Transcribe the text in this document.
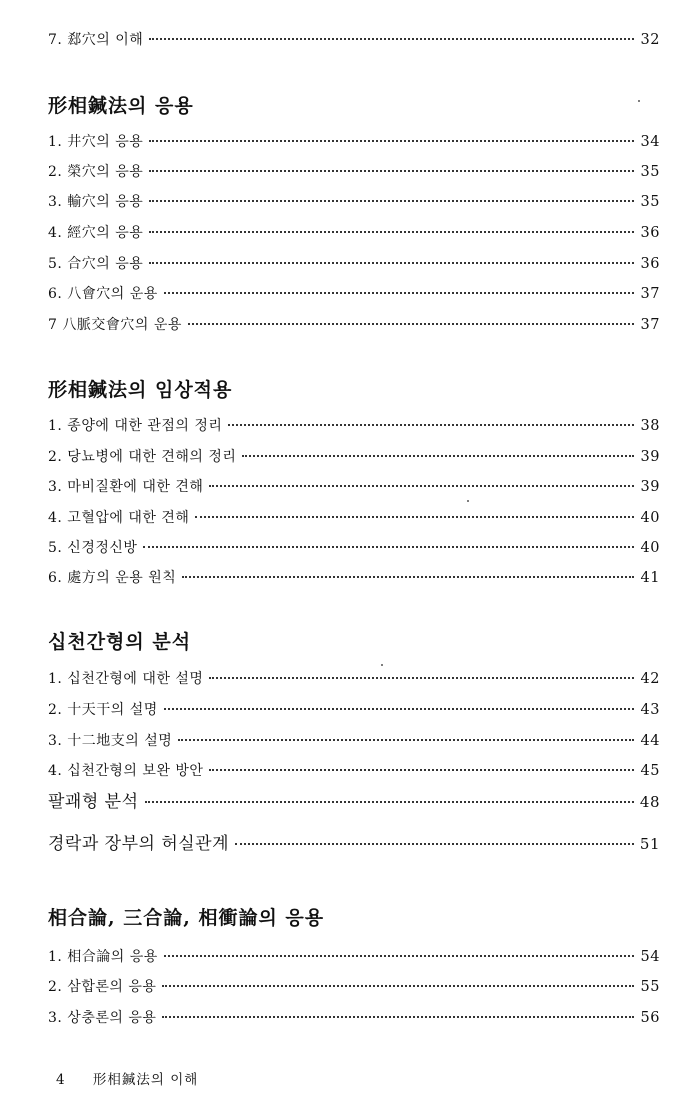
7. 郄穴의 이해	32
形相鍼法의 응용
1. 井穴의 응용	34
2. 榮穴의 응용	35
3. 輸穴의 응용	35
4. 經穴의 응용	36
5. 合穴의 응용	36
6. 八會穴의 운용	37
7 八脈交會穴의 운용	37
形相鍼法의 임상적용
1. 종양에 대한 관점의 정리	38
2. 당뇨병에 대한 견해의 정리	39
3. 마비질환에 대한 견해	39
4. 고혈압에 대한 견해	40
5. 신경정신방	40
6. 處方의 운용 원칙	41
십천간형의 분석
1. 십천간형에 대한 설명	42
2. 十天干의 설명	43
3. 十二地支의 설명	44
4. 십천간형의 보완 방안	45
팔괘형 분석	48
경락과 장부의 허실관계	51
相合論, 三合論, 相衝論의 응용
1. 相合論의 응용	54
2. 삼합론의 응용	55
3. 상충론의 응용	56
4 形相鍼法의 이해
